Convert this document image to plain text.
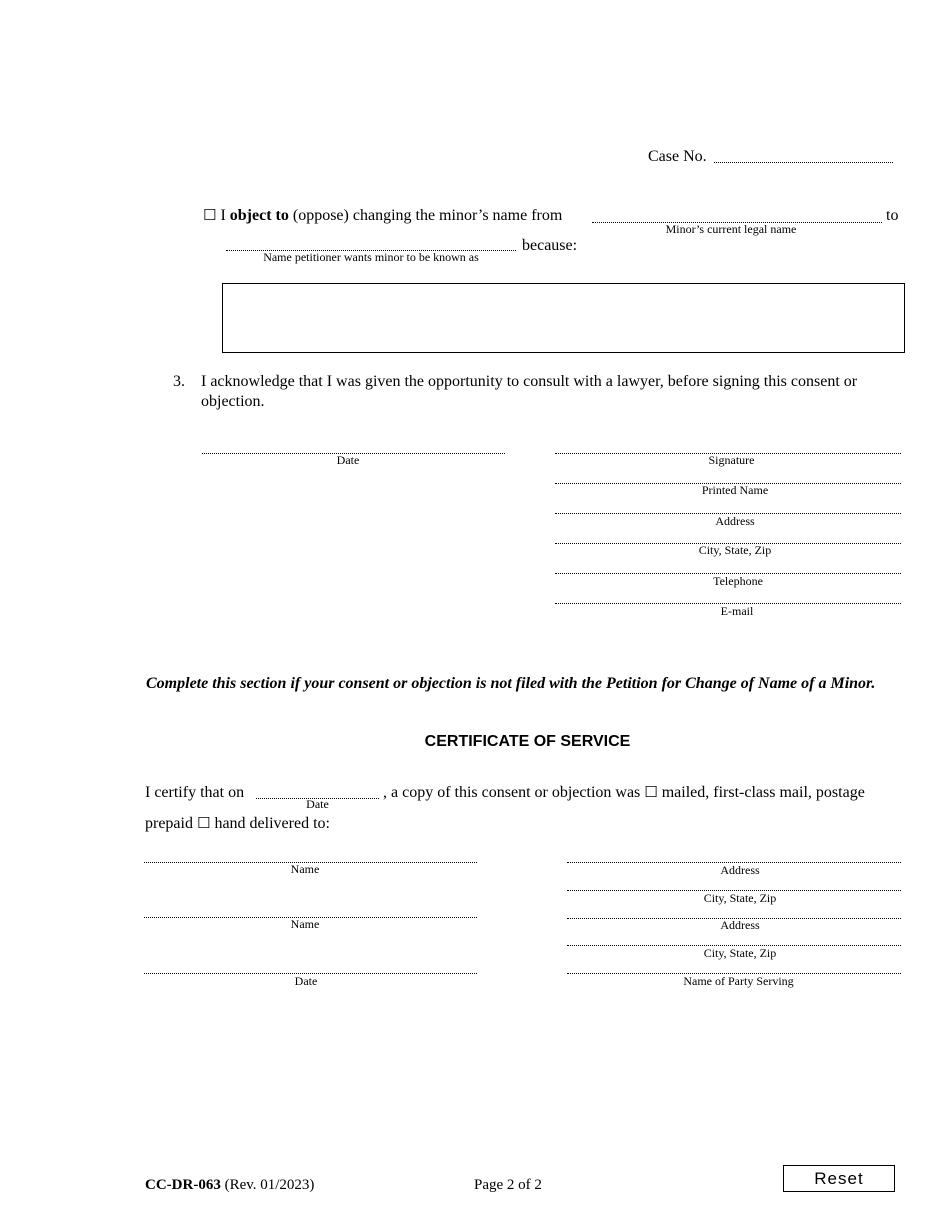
Case No.
☐ I object to (oppose) changing the minor’s name from	to
Minor’s current legal name
because:
Name petitioner wants minor to be known as
3. I acknowledge that I was given the opportunity to consult with a lawyer, before signing this consent or
objection.
Date	Signature
Printed Name
Address
City, State, Zip
Telephone
E-mail
Complete this section if your consent or objection is not filed with the Petition for Change of Name of a Minor.
CERTIFICATE OF SERVICE
I certify that on
Date
, a copy of this consent or objection was ☐ mailed, first-class mail, postage
prepaid ☐ hand delivered to:
Name
Name
Date
Address
City, State, Zip
Address
City, State, Zip
Name of Party Serving
CC-DR-063 (Rev. 01/2023)	Page 2 of 2	Reset
